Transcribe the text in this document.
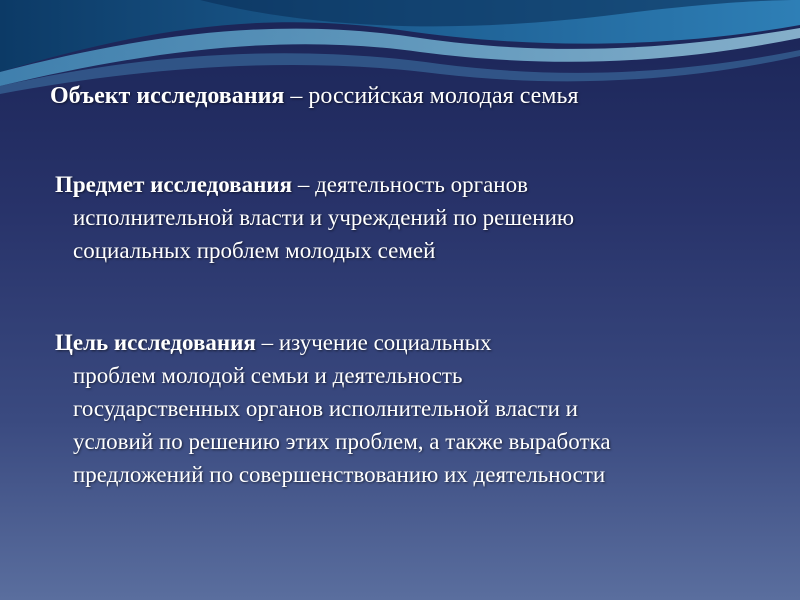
Объект исследования – российская молодая семья
Предмет исследования – деятельность органов
исполнительной власти и учреждений по решению
социальных проблем молодых семей
Цель исследования – изучение социальных
проблем молодой семьи и деятельность
государственных органов исполнительной власти и
условий по решению этих проблем, а также выработка
предложений по совершенствованию их деятельности
